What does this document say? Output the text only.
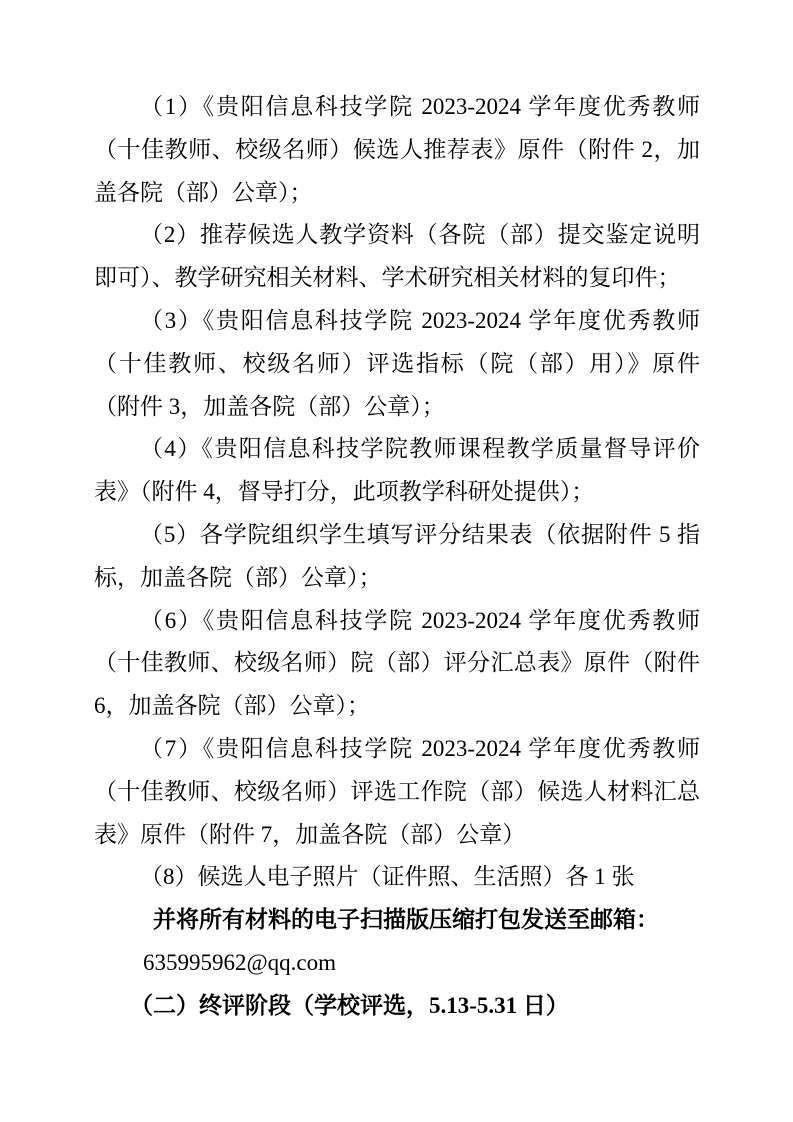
（1）《贵阳信息科技学院 2023-2024 学年度优秀教师（十佳教师、校级名师）候选人推荐表》原件（附件 2，加盖各院（部）公章）；

（2）推荐候选人教学资料（各院（部）提交鉴定说明即可）、教学研究相关材料、学术研究相关材料的复印件；

（3）《贵阳信息科技学院 2023-2024 学年度优秀教师（十佳教师、校级名师）评选指标（院（部）用）》原件（附件 3，加盖各院（部）公章）；

（4）《贵阳信息科技学院教师课程教学质量督导评价表》（附件 4，督导打分，此项教学科研处提供）；

（5）各学院组织学生填写评分结果表（依据附件 5 指标，加盖各院（部）公章）；

（6）《贵阳信息科技学院 2023-2024 学年度优秀教师（十佳教师、校级名师）院（部）评分汇总表》原件（附件 6，加盖各院（部）公章）；

（7）《贵阳信息科技学院 2023-2024 学年度优秀教师（十佳教师、校级名师）评选工作院（部）候选人材料汇总表》原件（附件 7，加盖各院（部）公章）

（8）候选人电子照片（证件照、生活照）各 1 张

并将所有材料的电子扫描版压缩打包发送至邮箱：

635995962@qq.com

（二）终评阶段（学校评选，5.13-5.31 日）
